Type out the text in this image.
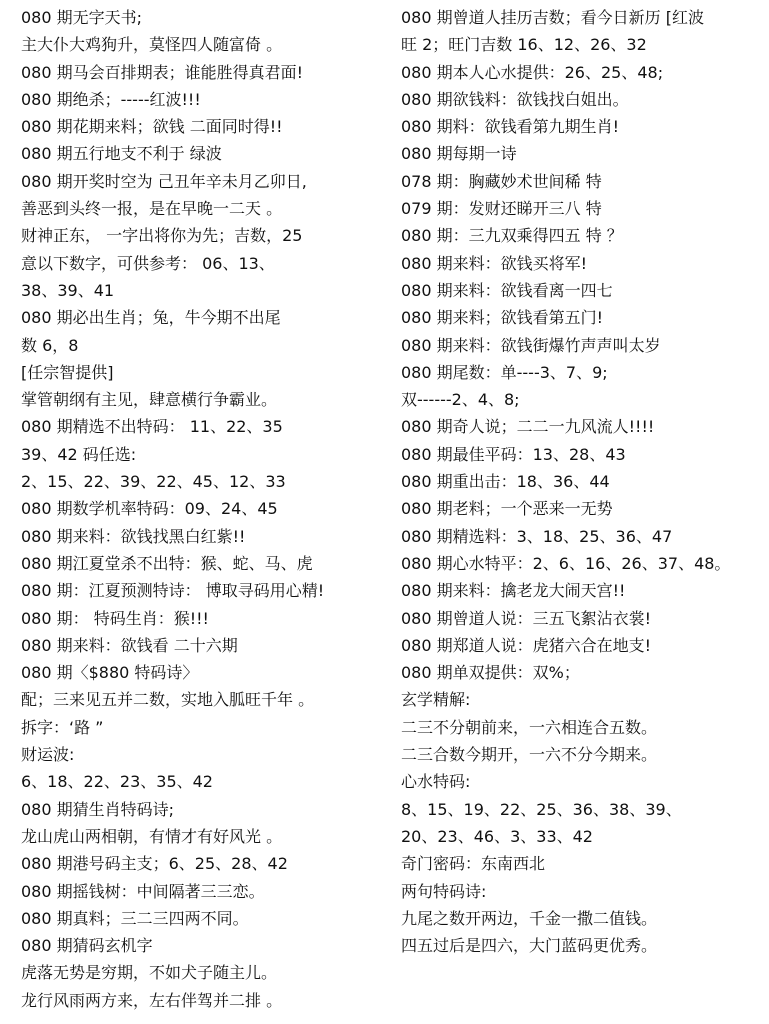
080 期无字天书;
主大仆大鸡狗升，莫怪四人随富倚 。
080 期马会百排期表；谁能胜得真君面!
080 期绝杀；-----红波!!!
080 期花期来料；欲钱 二面同时得!!
080 期五行地支不利于 绿波
080 期开奖时空为 己丑年辛未月乙卯日,
善恶到头终一报，是在早晚一二天 。
财神正东， 一字出将你为先；吉数，25
意以下数字，可供参考： 06、13、
38、39、41
080 期必出生肖；兔，牛今期不出尾
数 6，8
[任宗智提供]
掌管朝纲有主见，肆意横行争霸业。
080 期精选不出特码： 11、22、35
39、42 码任选:
2、15、22、39、22、45、12、33
080 期数学机率特码：09、24、45
080 期来料：欲钱找黑白红紫!!
080 期江夏堂杀不出特：猴、蛇、马、虎
080 期：江夏预测特诗： 博取寻码用心精!
080 期： 特码生肖：猴!!!
080 期来料：欲钱看 二十六期
080 期〈$880 特码诗〉
配；三来见五并二数，实地入胍旺千年 。
拆字：‘路 ”
财运波:
6、18、22、23、35、42
080 期猜生肖特码诗;
龙山虎山两相朝，有情才有好风光 。
080 期港号码主支；6、25、28、42
080 期摇钱树：中间隔著三三恋。
080 期真料；三二三四两不同。
080 期猜码玄机字
虎落无势是穷期，不如犬子随主儿。
龙行风雨两方来，左右伴驾并二排 。
080 期曾道人挂历吉数；看今日新历 [红波
旺 2；旺门吉数 16、12、26、32
080 期本人心水提供：26、25、48;
080 期欲钱料：欲钱找白姐出。
080 期料：欲钱看第九期生肖!
080 期每期一诗
078 期：胸藏妙术世间稀 特
079 期：发财还睇开三八 特
080 期：三九双乘得四五 特 ？
080 期来料：欲钱买将军!
080 期来料：欲钱看离一四七
080 期来料；欲钱看第五门!
080 期来料：欲钱街爆竹声声叫太岁
080 期尾数：单----3、7、9;
双------2、4、8;
080 期奇人说；二二一九风流人!!!!
080 期最佳平码：13、28、43
080 期重出击：18、36、44
080 期老料；一个恶来一无势
080 期精选料：3、18、25、36、47
080 期心水特平：2、6、16、26、37、48。
080 期来料：擒老龙大闹天宫!!
080 期曾道人说：三五飞絮沾衣裳!
080 期郑道人说：虎猪六合在地支!
080 期单双提供：双%；
玄学精解:
二三不分朝前来，一六相连合五数。
二三合数今期开，一六不分今期来。
心水特码:
8、15、19、22、25、36、38、39、
20、23、46、3、33、42
奇门密码：东南西北
两句特码诗:
九尾之数开两边，千金一撒二值钱。
四五过后是四六，大门蓝码更优秀。
